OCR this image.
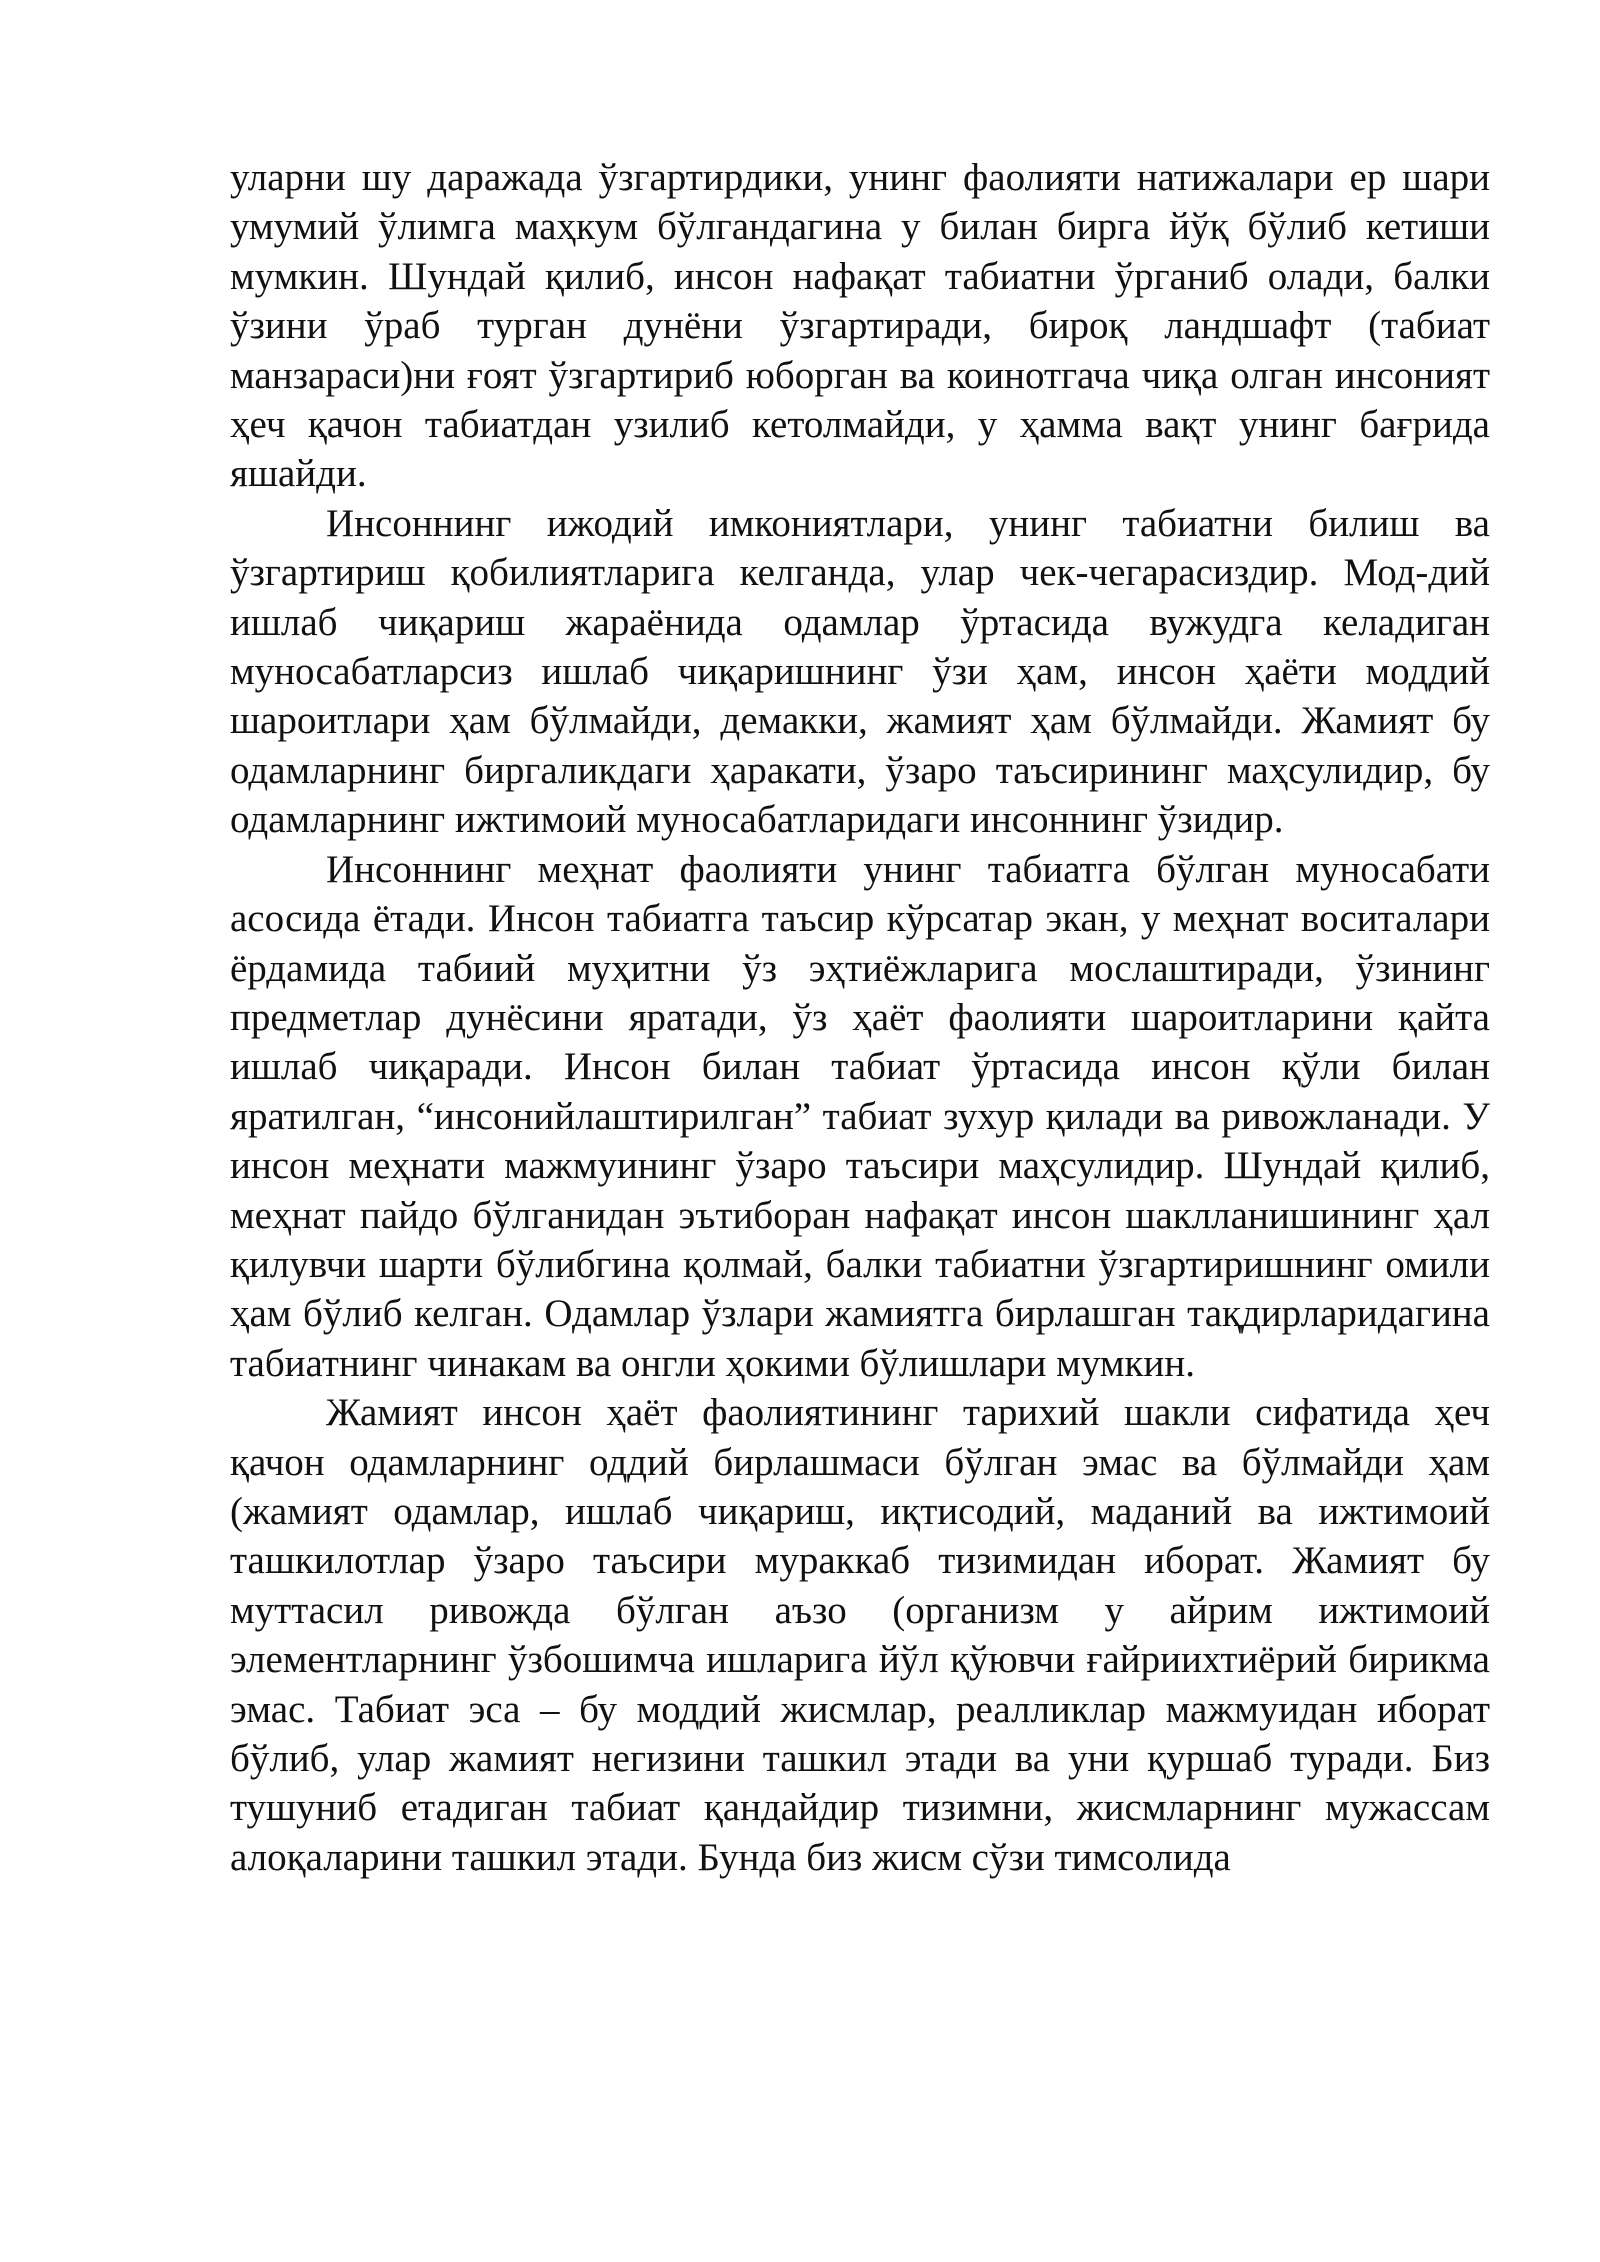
уларни шу даражада ўзгартирдики, унинг фаолияти натижалари ер шари умумий ўлимга маҳкум бўлгандагина у билан бирга йўқ бўлиб кетиши мумкин. Шундай қилиб, инсон нафақат табиатни ўрганиб олади, балки ўзини ўраб турган дунёни ўзгартиради, бироқ ландшафт (табиат манзараси)ни ғоят ўзгартириб юборган ва коинотгача чиқа олган инсоният ҳеч қачон табиатдан узилиб кетолмайди, у ҳамма вақт унинг бағрида яшайди.

Инсоннинг ижодий имкониятлари, унинг табиатни билиш ва ўзгартириш қобилиятларига келганда, улар чек-чегарасиздир. Мод-дий ишлаб чиқариш жараёнида одамлар ўртасида вужудга келадиган муносабатларсиз ишлаб чиқаришнинг ўзи ҳам, инсон ҳаёти моддий шароитлари ҳам бўлмайди, демакки, жамият ҳам бўлмайди. Жамият бу одамларнинг биргаликдаги ҳаракати, ўзаро таъсирининг маҳсулидир, бу одамларнинг ижтимоий муносабатларидаги инсоннинг ўзидир.

Инсоннинг меҳнат фаолияти унинг табиатга бўлган муносабати асосида ётади. Инсон табиатга таъсир кўрсатар экан, у меҳнат воситалари ёрдамида табиий муҳитни ўз эҳтиёжларига мослаштиради, ўзининг предметлар дунёсини яратади, ўз ҳаёт фаолияти шароитларини қайта ишлаб чиқаради. Инсон билан табиат ўртасида инсон қўли билан яратилган, “инсонийлаштирилган” табиат зухур қилади ва ривожланади. У инсон меҳнати мажмуининг ўзаро таъсири маҳсулидир. Шундай қилиб, меҳнат пайдо бўлганидан эътиборан нафақат инсон шаклланишининг ҳал қилувчи шарти бўлибгина қолмай, балки табиатни ўзгартиришнинг омили ҳам бўлиб келган. Одамлар ўзлари жамиятга бирлашган тақдирларидагина табиатнинг чинакам ва онгли ҳокими бўлишлари мумкин.

Жамият инсон ҳаёт фаолиятининг тарихий шакли сифатида ҳеч қачон одамларнинг оддий бирлашмаси бўлган эмас ва бўлмайди ҳам (жамият одамлар, ишлаб чиқариш, иқтисодий, маданий ва ижтимоий ташкилотлар ўзаро таъсири мураккаб тизимидан иборат. Жамият бу муттасил ривожда бўлган аъзо (организм у айрим ижтимоий элементларнинг ўзбошимча ишларига йўл қўювчи ғайриихтиёрий бирикма эмас. Табиат эса – бу моддий жисмлар, реалликлар мажмуидан иборат бўлиб, улар жамият негизини ташкил этади ва уни қуршаб туради. Биз тушуниб етадиган табиат қандайдир тизимни, жисмларнинг мужассам алоқаларини ташкил этади. Бунда биз жисм сўзи тимсолида
